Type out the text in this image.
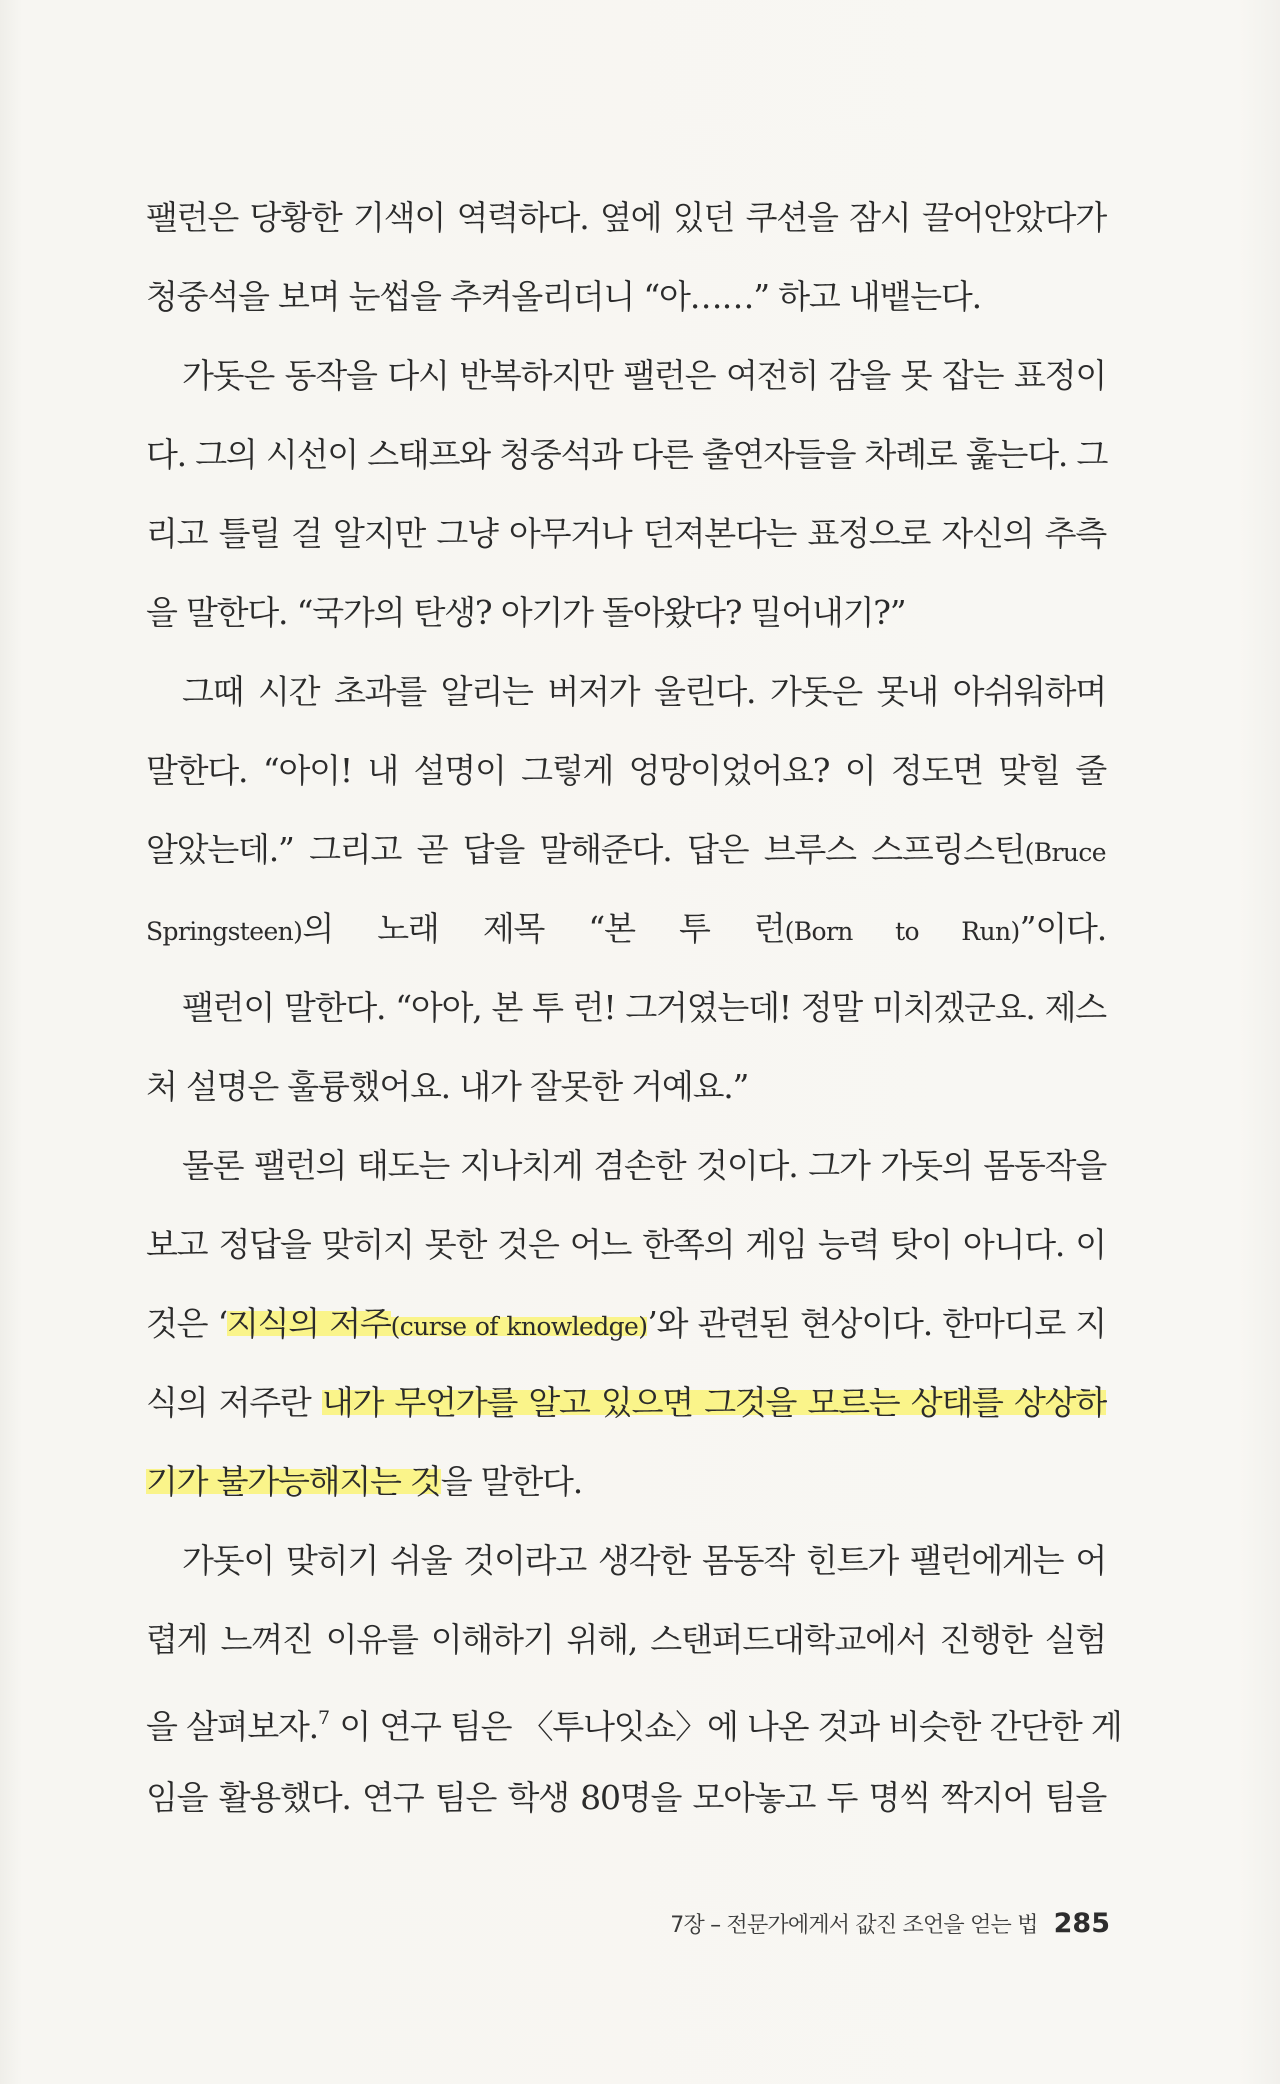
팰런은 당황한 기색이 역력하다. 옆에 있던 쿠션을 잠시 끌어안았다가
청중석을 보며 눈썹을 추켜올리더니 “아……” 하고 내뱉는다.
가돗은 동작을 다시 반복하지만 팰런은 여전히 감을 못 잡는 표정이
다. 그의 시선이 스태프와 청중석과 다른 출연자들을 차례로 훑는다. 그
리고 틀릴 걸 알지만 그냥 아무거나 던져본다는 표정으로 자신의 추측
을 말한다. “국가의 탄생? 아기가 돌아왔다? 밀어내기?”
그때 시간 초과를 알리는 버저가 울린다. 가돗은 못내 아쉬워하며
말한다. “아이! 내 설명이 그렇게 엉망이었어요? 이 정도면 맞힐 줄
알았는데.” 그리고 곧 답을 말해준다. 답은 브루스 스프링스틴(Bruce
Springsteen)의 노래 제목 “본 투 런(Born to Run)”이다.
팰런이 말한다. “아아, 본 투 런! 그거였는데! 정말 미치겠군요. 제스
처 설명은 훌륭했어요. 내가 잘못한 거예요.”
물론 팰런의 태도는 지나치게 겸손한 것이다. 그가 가돗의 몸동작을
보고 정답을 맞히지 못한 것은 어느 한쪽의 게임 능력 탓이 아니다. 이
것은 ‘지식의 저주(curse of knowledge)’와 관련된 현상이다. 한마디로 지
식의 저주란 내가 무언가를 알고 있으면 그것을 모르는 상태를 상상하
기가 불가능해지는 것을 말한다.
가돗이 맞히기 쉬울 것이라고 생각한 몸동작 힌트가 팰런에게는 어
렵게 느껴진 이유를 이해하기 위해, 스탠퍼드대학교에서 진행한 실험
을 살펴보자.$^7$ 이 연구 팀은 〈투나잇쇼〉에 나온 것과 비슷한 간단한 게
임을 활용했다. 연구 팀은 학생 80명을 모아놓고 두 명씩 짝지어 팀을
7장 – 전문가에게서 값진 조언을 얻는 법 285
